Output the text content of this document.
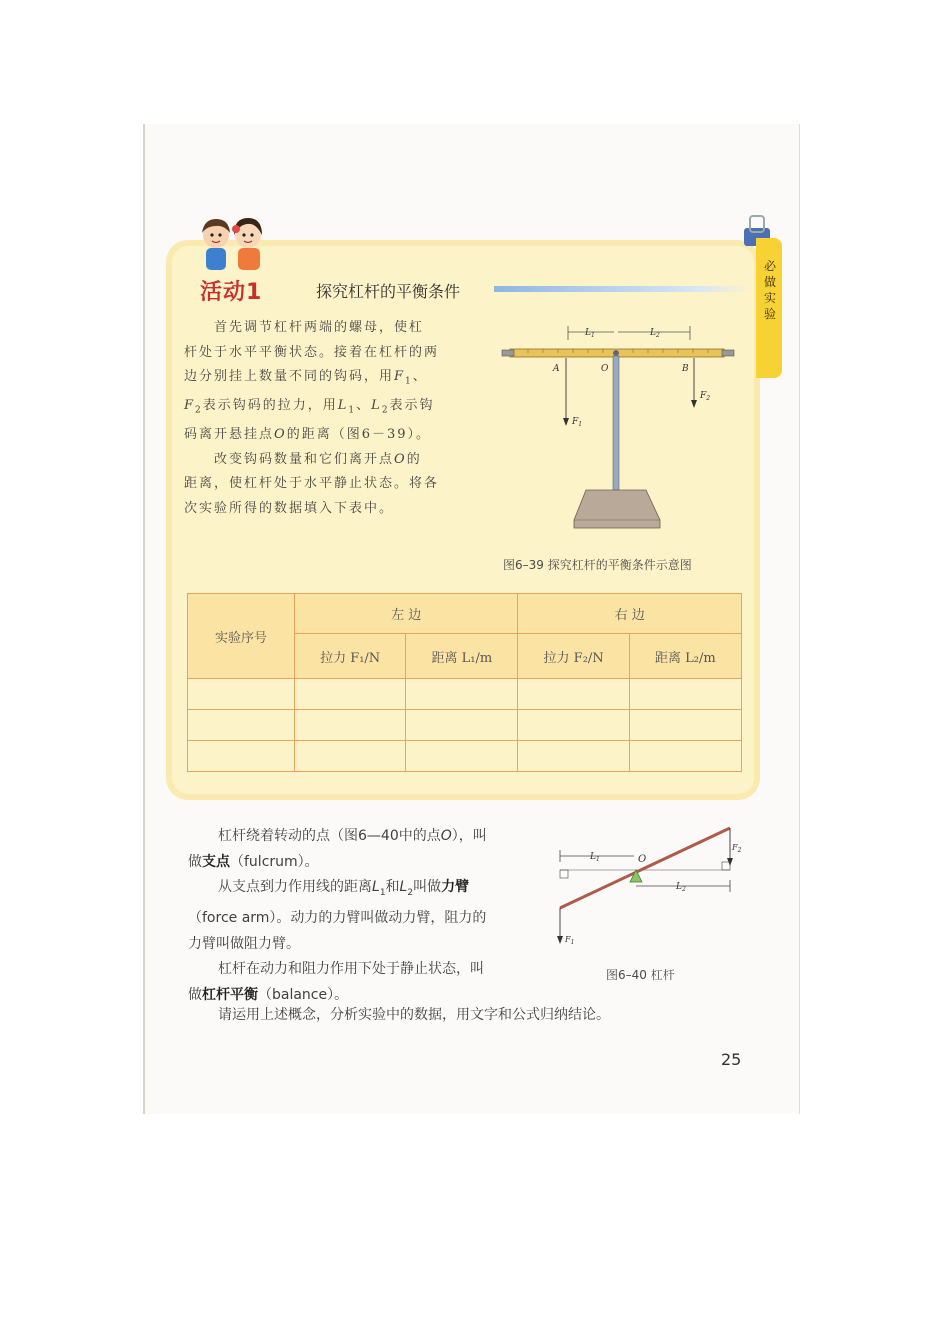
活动1	探究杠杆的平衡条件
必做实验
首先调节杠杆两端的螺母，使杠
杆处于水平平衡状态。接着在杠杆的两
边分别挂上数量不同的钩码，用$F_1$、
$F_2$表示钩码的拉力，用$L_1$、$L_2$表示钩
码离开悬挂点O的距离（图6－39）。
改变钩码数量和它们离开点O的
距离，使杠杆处于水平静止状态。将各
次实验所得的数据填入下表中。
$L_1$	$L_2$
A	O	B
$F_1$
$F_2$
图6–39 探究杠杆的平衡条件示意图
实验序号	左 边		右 边	
	拉力 F₁/N	距离 L₁/m	拉力 F₂/N	距离 L₂/m

杠杆绕着转动的点（图6—40中的点O），叫
做支点（fulcrum）。
从支点到力作用线的距离$L_1$和$L_2$叫做力臂
（force arm）。动力的力臂叫做动力臂，阻力的
力臂叫做阻力臂。
杠杆在动力和阻力作用下处于静止状态，叫
做杠杆平衡（balance）。
请运用上述概念，分析实验中的数据，用文字和公式归纳结论。
$L_1$	O
$L_2$
$F_1$
$F_2$
图6–40 杠杆
25
